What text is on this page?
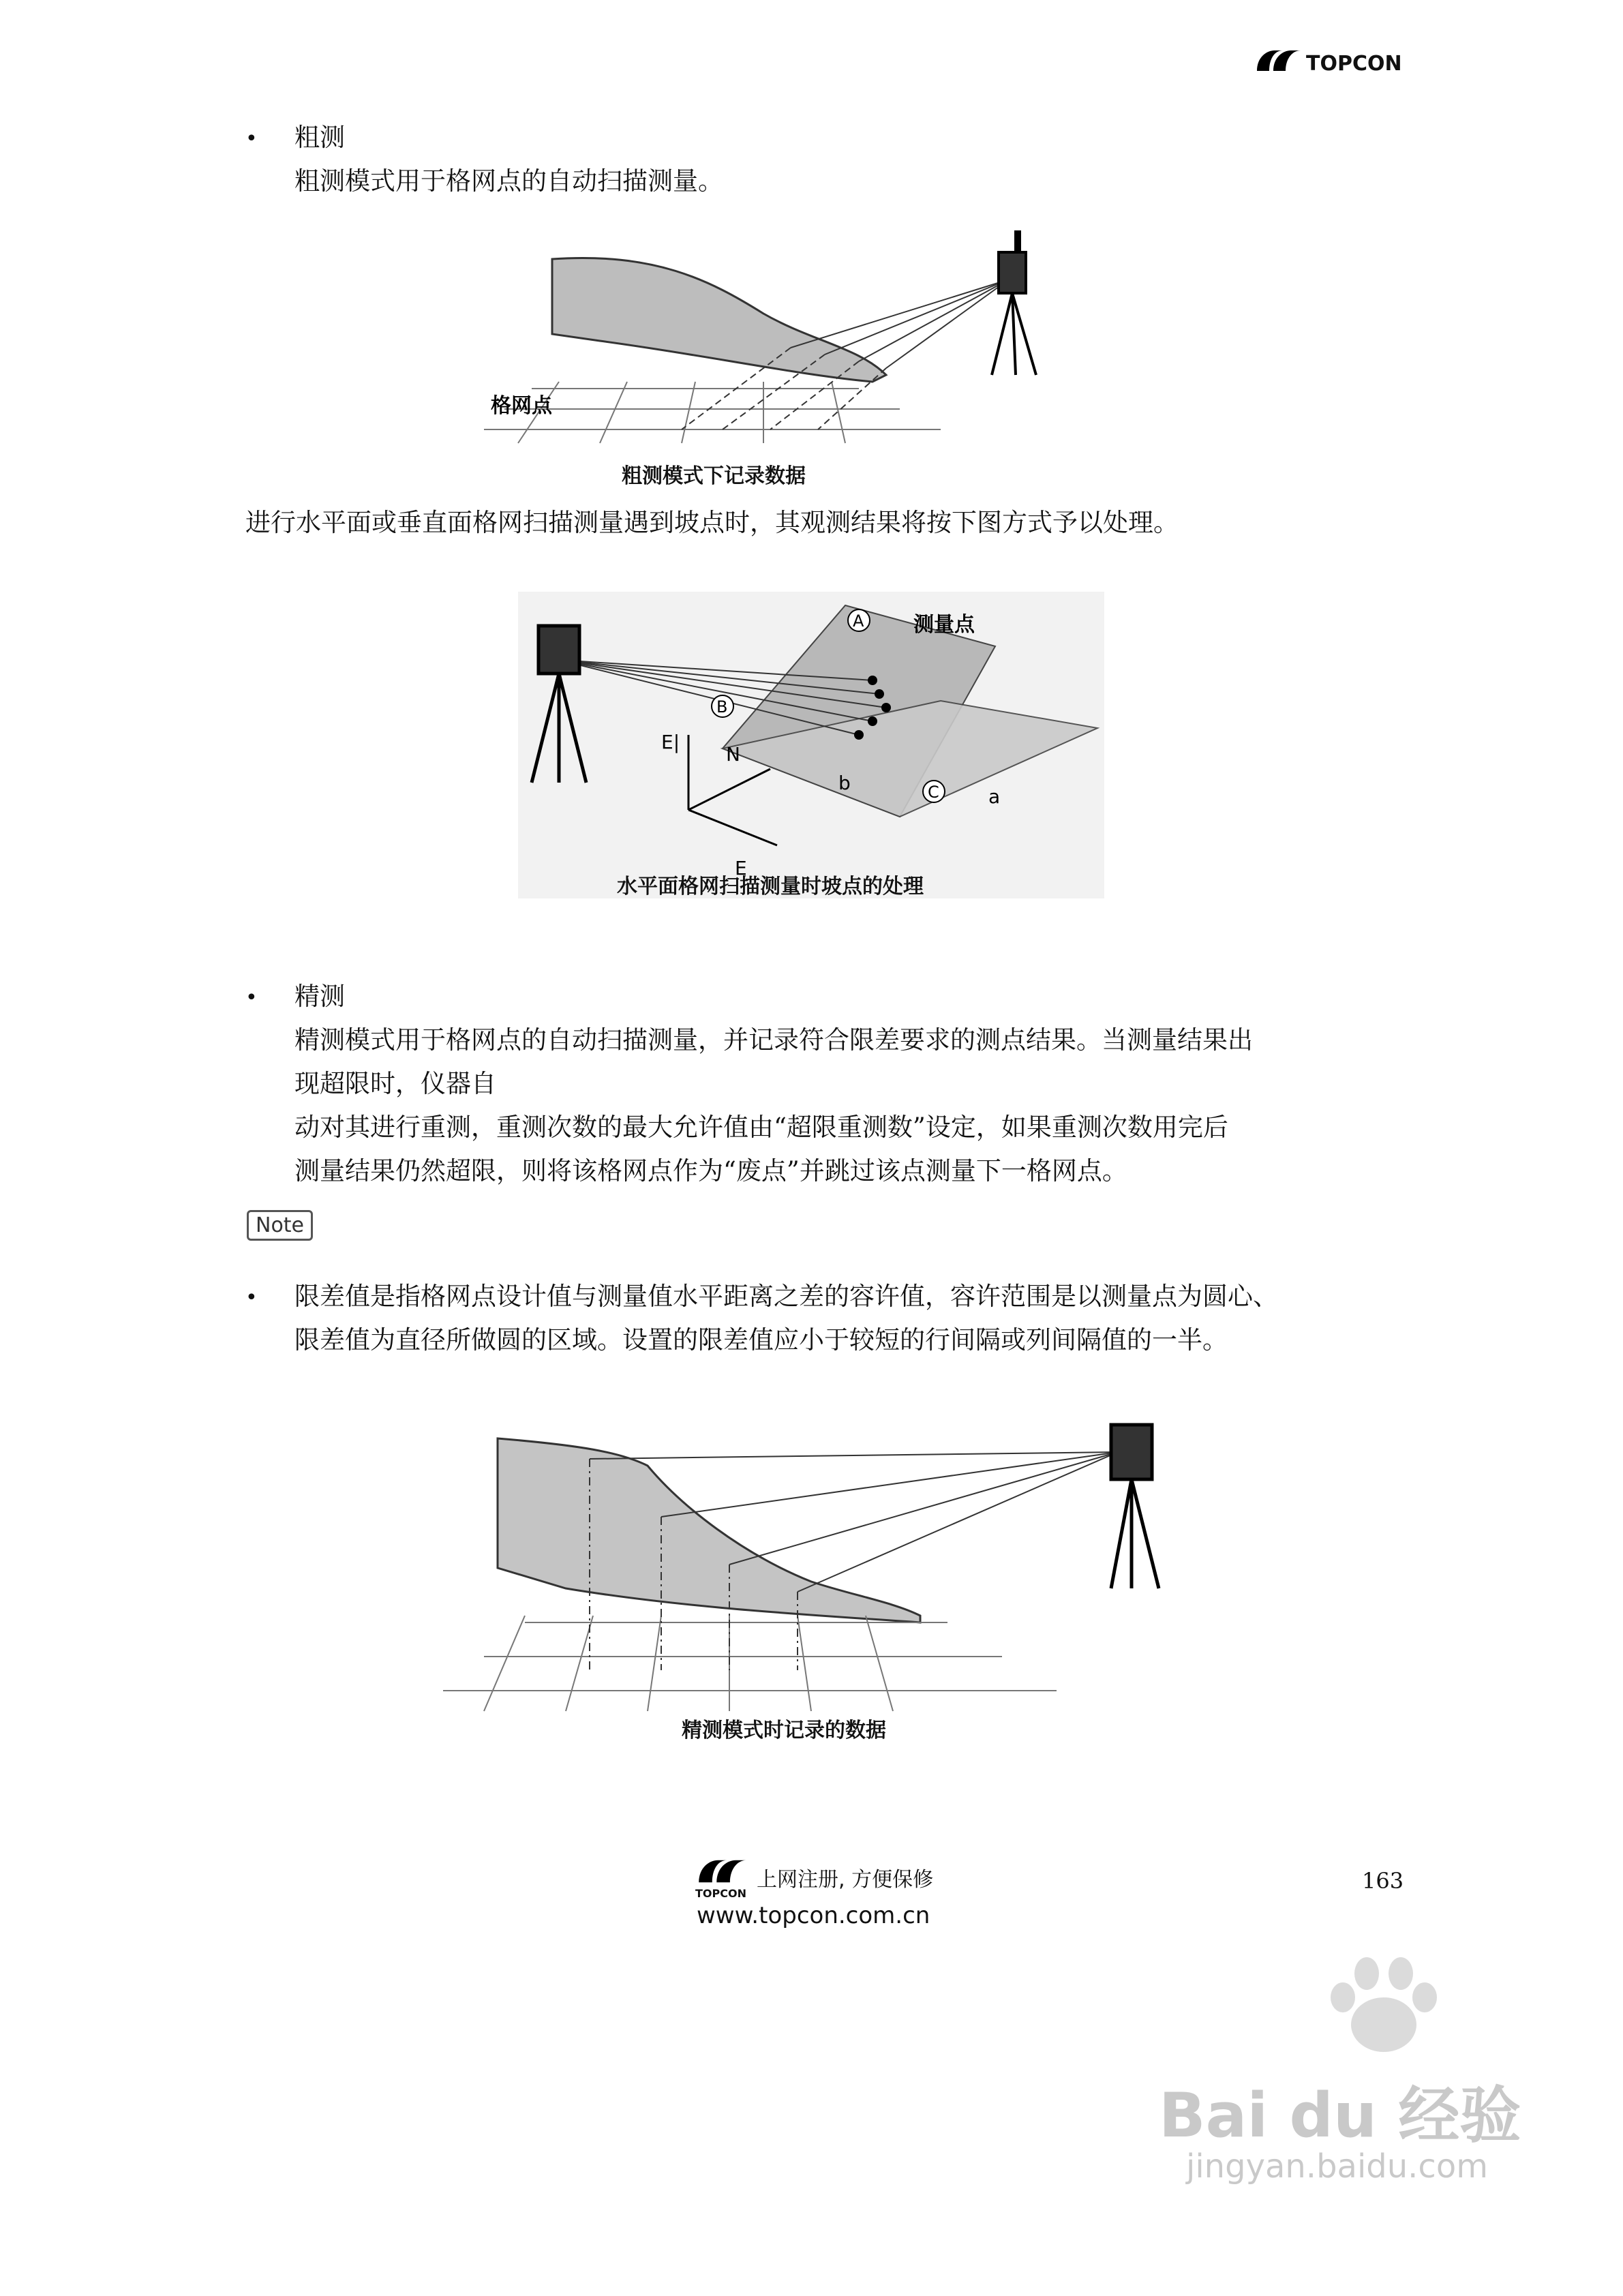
TOPCON
• 粗测
粗测模式用于格网点的自动扫描测量。
格网点
粗测模式下记录数据
进行水平面或垂直面格网扫描测量遇到坡点时，其观测结果将按下图方式予以处理。
A
B
C
测量点
E|
N
E
b
a
水平面格网扫描测量时坡点的处理
• 精测
精测模式用于格网点的自动扫描测量，并记录符合限差要求的测点结果。当测量结果出
现超限时，仪器自
动对其进行重测，重测次数的最大允许值由“超限重测数”设定，如果重测次数用完后
测量结果仍然超限，则将该格网点作为“废点”并跳过该点测量下一格网点。
Note
• 限差值是指格网点设计值与测量值水平距离之差的容许值，容许范围是以测量点为圆心、
限差值为直径所做圆的区域。设置的限差值应小于较短的行间隔或列间隔值的一半。
精测模式时记录的数据
TOPCON
上网注册, 方便保修
www.topcon.com.cn
163
Bai du 经验
jingyan.baidu.com
